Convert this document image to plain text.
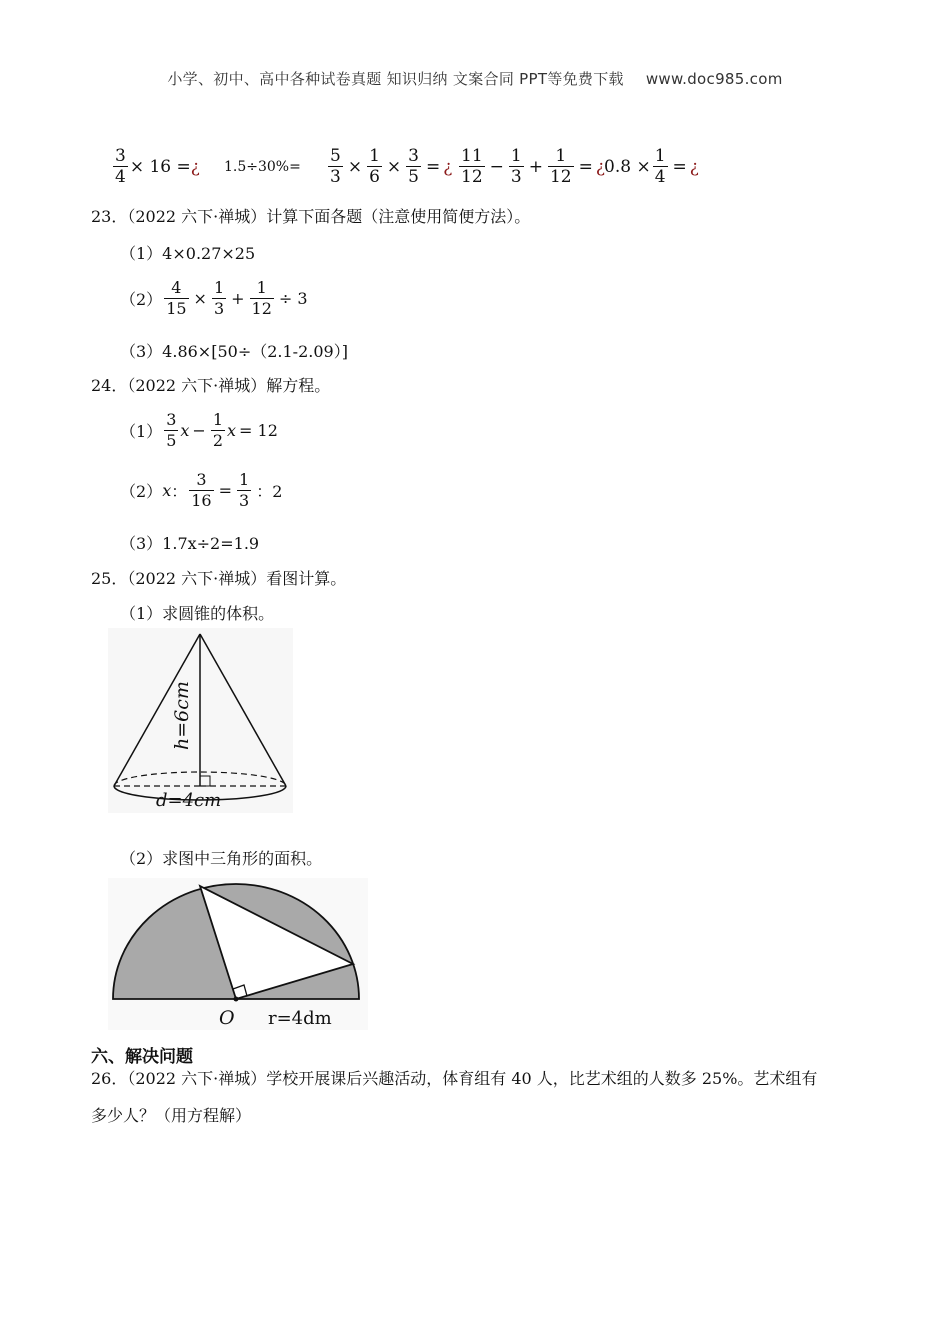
小学、初中、高中各种试卷真题 知识归纳 文案合同 PPT等免费下载 www.doc985.com
$\frac{3}{4} \times 16$ = ¿ $1.5\div 30\%= \frac{5}{3} \times \frac{1}{6} \times \frac{3}{5}$ = ¿ $\frac{11}{12} - \frac{1}{3} + \frac{1}{12}$ = ¿ $0.8 \times \frac{1}{4}$ = ¿
23．（2022 六下·禅城）计算下面各题（注意使用简便方法）。
（1）4×0.27×25
$(2) \frac{4}{15} \times \frac{1}{3} + \frac{1}{12} \div 3$
（3）4.86×[50÷（2.1-2.09）]
24．（2022 六下·禅城）解方程。
$(1) \frac{3}{5}$ $x - \frac{1}{2}$ x = 12
（2） x ： $\frac{3}{16} = \frac{1}{3}$ ：2
（3）1.7x÷2=1.9
25．（2022 六下·禅城）看图计算。
（1）求圆锥的体积。
h=6cm
d=4cm
（2）求图中三角形的面积。
O r=4dm
六、解决问题
26．（2022 六下·禅城）学校开展课后兴趣活动，体育组有 40 人，比艺术组的人数多 25%。艺术组有
多少人？（用方程解）
